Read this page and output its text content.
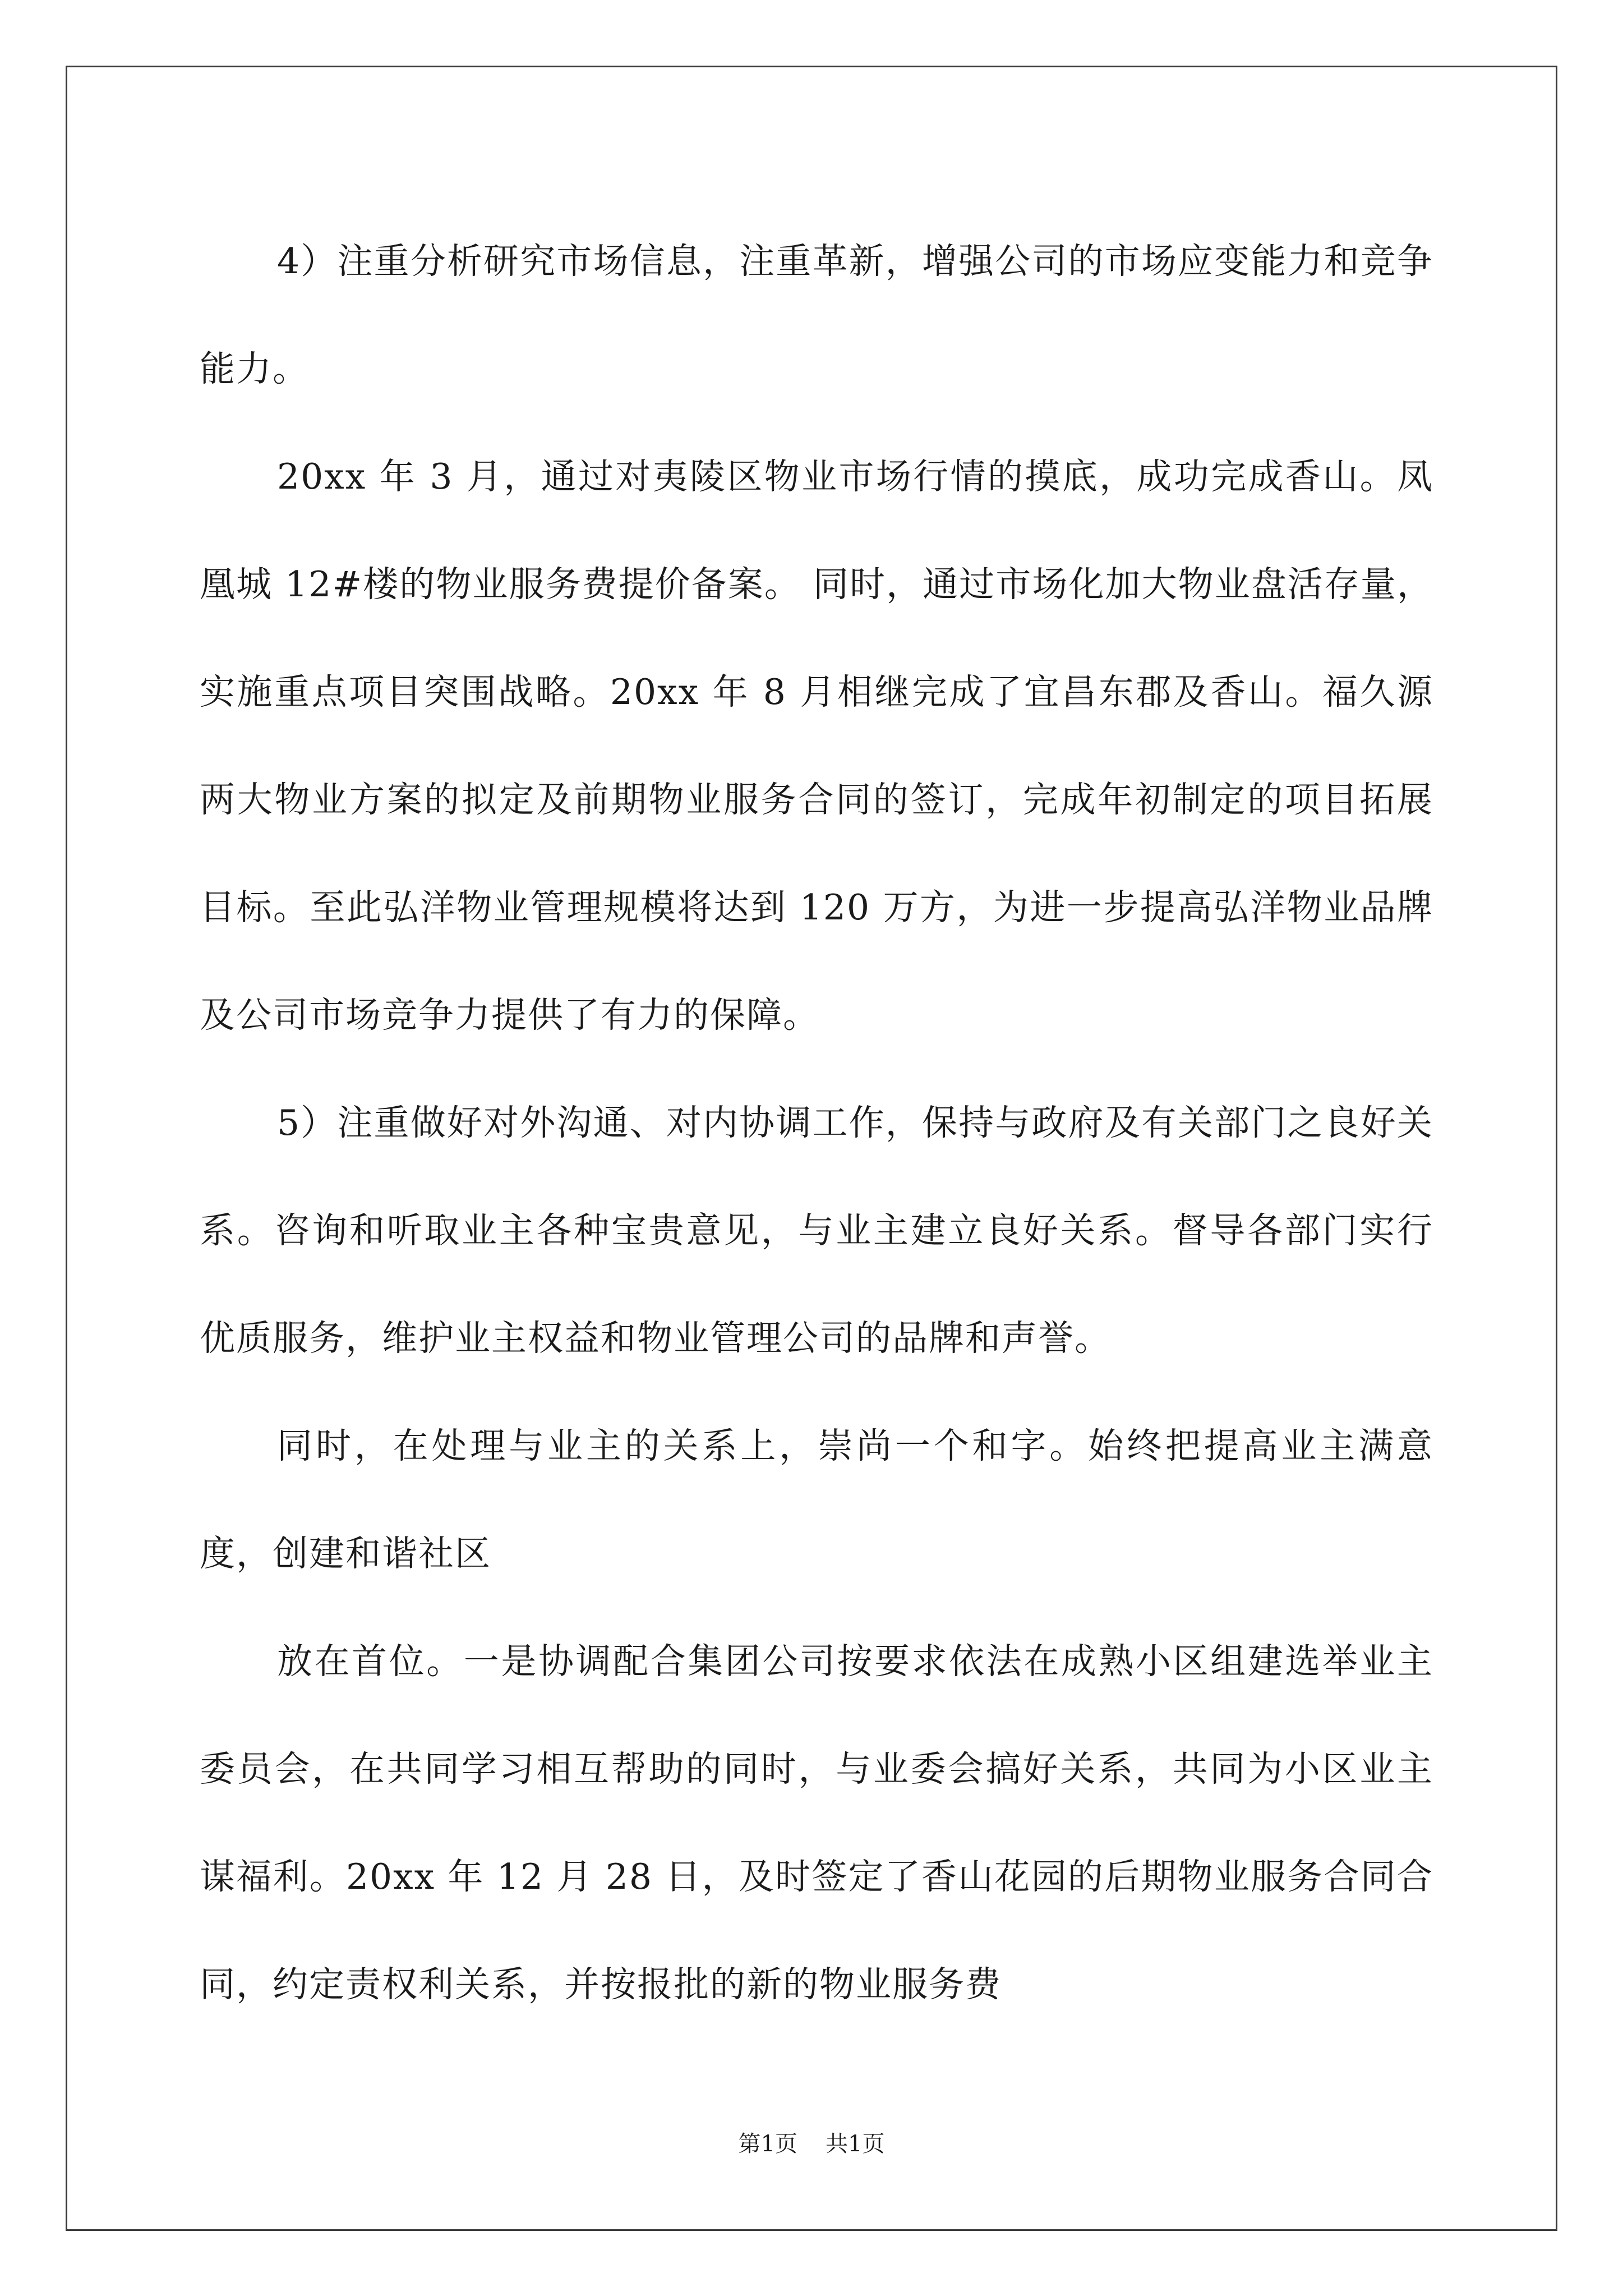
4）注重分析研究市场信息，注重革新，增强公司的市场应变能力和竞争能力。

20xx 年 3 月，通过对夷陵区物业市场行情的摸底，成功完成香山。凤凰城 12#楼的物业服务费提价备案。 同时，通过市场化加大物业盘活存量，实施重点项目突围战略。20xx 年 8 月相继完成了宜昌东郡及香山。福久源两大物业方案的拟定及前期物业服务合同的签订，完成年初制定的项目拓展目标。至此弘洋物业管理规模将达到 120 万方，为进一步提高弘洋物业品牌及公司市场竞争力提供了有力的保障。

5）注重做好对外沟通、对内协调工作，保持与政府及有关部门之良好关系。咨询和听取业主各种宝贵意见，与业主建立良好关系。督导各部门实行优质服务，维护业主权益和物业管理公司的品牌和声誉。

同时，在处理与业主的关系上，崇尚一个和字。始终把提高业主满意度，创建和谐社区

放在首位。一是协调配合集团公司按要求依法在成熟小区组建选举业主委员会，在共同学习相互帮助的同时，与业委会搞好关系，共同为小区业主谋福利。20xx 年 12 月 28 日，及时签定了香山花园的后期物业服务合同合同，约定责权利关系，并按报批的新的物业服务费

第1页 共1页
